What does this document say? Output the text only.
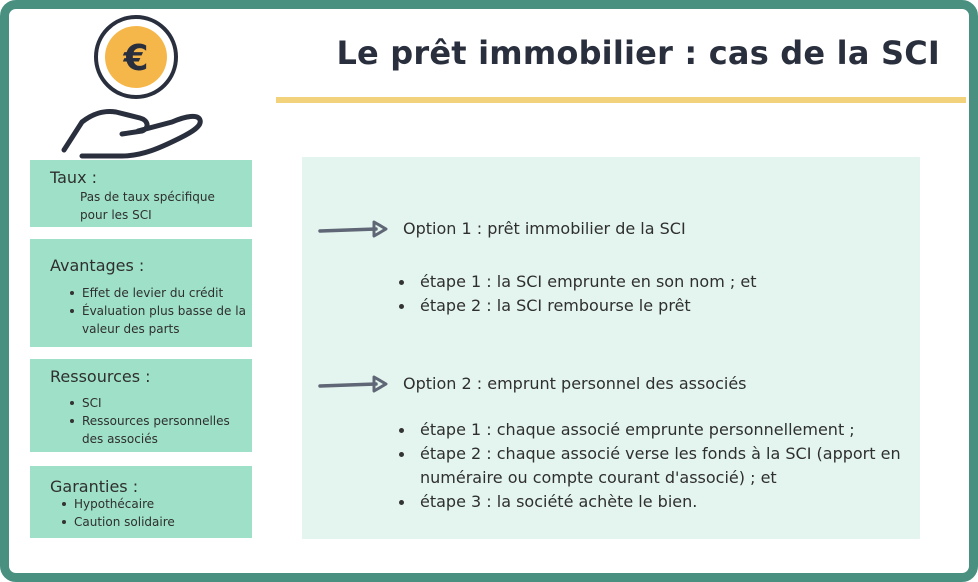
€	Le prêt immobilier : cas de la SCI
Taux :
Pas de taux spécifique pour les SCI
Avantages :
Effet de levier du crédit
Évaluation plus basse de la valeur des parts
Ressources :
SCI
Ressources personnelles des associés
Garanties :
Hypothécaire
Caution solidaire
Option 1 : prêt immobilier de la SCI
étape 1 : la SCI emprunte en son nom ; et
étape 2 : la SCI rembourse le prêt
Option 2 : emprunt personnel des associés
étape 1 : chaque associé emprunte personnellement ;
étape 2 : chaque associé verse les fonds à la SCI (apport en numéraire ou compte courant d'associé) ; et
étape 3 : la société achète le bien.
